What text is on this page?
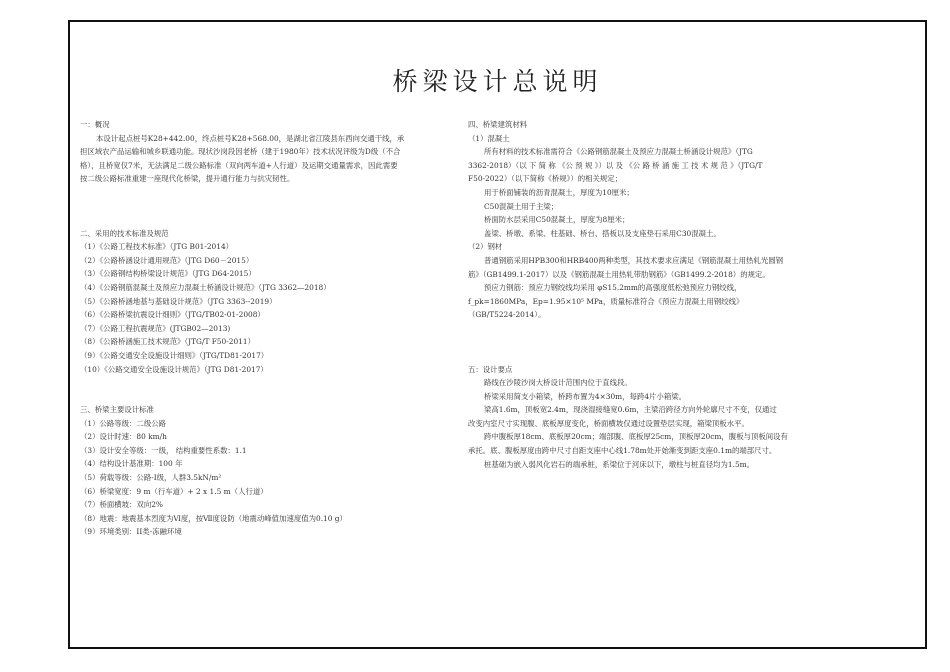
桥梁设计总说明
一：概况
本设计起点桩号K28+442.00，终点桩号K28+568.00，是湖北省江陵县东西向交通干线，承
担区域农产品运输和城乡联通功能。现状沙岗段因老桥（建于1980年）技术状况评级为D级（不合
格），且桥宽仅7米，无法满足二级公路标准（双向两车道+人行道）及运期交通量需求，因此需要
按二级公路标准重建一座现代化桥梁，提升通行能力与抗灾韧性。
二、采用的技术标准及规范
（1）《公路工程技术标准》（JTG B01-2014）
（2）《公路桥涵设计通用规范》（JTG D60－2015）
（3）《公路钢结构桥梁设计规范》（JTG D64-2015）
（4）《公路钢筋混凝土及预应力混凝土桥涵设计规范》（JTG 3362—2018）
（5）《公路桥涵地基与基础设计规范》（JTG 3363--2019）
（6）《公路桥梁抗震设计细则》（JTG/TB02-01-2008）
（7）《公路工程抗震规范》(JTGB02—2013)
（8）《公路桥涵施工技术规范》（JTG/T F50-2011）
（9）《公路交通安全设施设计细则》（JTG/TD81-2017）
（10）《公路交通安全设施设计规范》（JTG D81-2017）
三、桥梁主要设计标准
（1）公路等级：二级公路
（2）设计时速：80 km/h
（3）设计安全等级：一级， 结构重要性系数：1.1
（4）结构设计基准期：100 年
（5）荷载等级：公路-Ⅰ级，人群3.5kN/m²
（6）桥梁宽度：9 m（行车道）+ 2 x 1.5 m（人行道）
（7）桥面横坡：双向2%
（8）地震：地震基本烈度为Ⅵ度，按Ⅶ度设防（地震动峰值加速度值为0.10 g）
（9）环境类别：II类-冻融环境
四、桥梁建筑材料
（1）混凝土
所有材料的技术标准需符合《公路钢筋混凝土及预应力混凝土桥涵设计规范》（JTG
3362-2018）（以 下 简 称 《公 预 规 》）以 及 《公 路 桥 涵 施 工 技 术 规 范 》（JTG/T
F50-2022）（以下简称《桥规》）的相关规定；
用于桥面铺装的沥青混凝土，厚度为10厘米；
C50混凝土用于主梁；
桥面防水层采用C50混凝土，厚度为8厘米；
盖梁、桥墩、系梁、柱基础、桥台、搭板以及支座垫石采用C30混凝土。
（2）钢材
普通钢筋采用HPB300和HRB400两种类型，其技术要求应满足《钢筋混凝土用热轧光圆钢
筋》（GB1499.1-2017）以及《钢筋混凝土用热轧带肋钢筋》（GB1499.2-2018）的规定。
预应力钢筋：预应力钢绞线均采用 φS15.2mm的高强度低松弛预应力钢绞线，
f_pk=1860MPa，Ep=1.95×10⁵ MPa，质量标准符合《预应力混凝土用钢绞线》
（GB/T5224-2014）。
五：设计要点
路线在沙陵沙岗大桥设计范围内位于直线段。
桥梁采用简支小箱梁，桥跨布置为4×30m，每跨4片小箱梁。
梁高1.6m，顶板宽2.4m，现浇湿接缝宽0.6m，主梁沿跨径方向外轮廓尺寸不变，仅通过
改变内室尺寸实现腹、底板厚度变化，桥面横坡仅通过设置垫层实现，箱梁顶板水平。
跨中腹板厚18cm、底板厚20cm；端部腹、底板厚25cm，顶板厚20cm，腹板与顶板间设有
承托。底、腹板厚度由跨中尺寸自距支座中心线1.78m处开始渐变到距支座0.1m的端部尺寸。
桩基础为嵌入弱风化岩石的端承桩，系梁位于河床以下，墩柱与桩直径均为1.5m。
